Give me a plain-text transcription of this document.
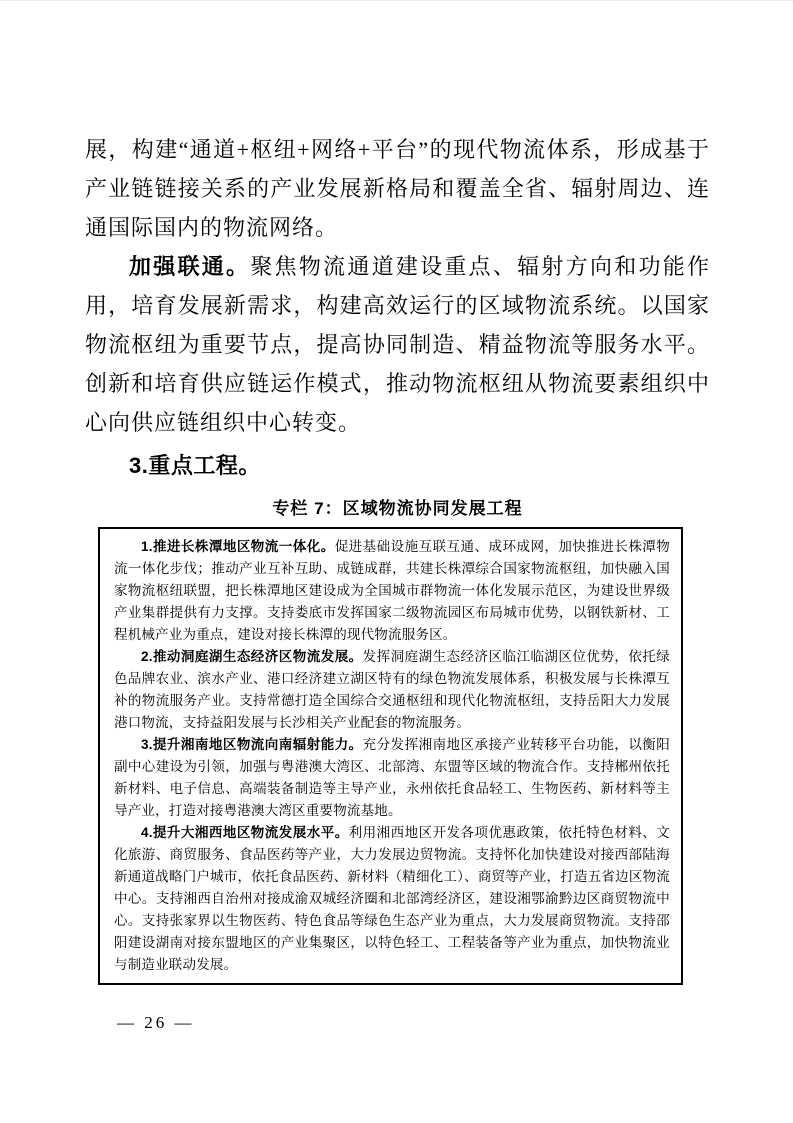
展，构建“通道+枢纽+网络+平台”的现代物流体系，形成基于产业链链接关系的产业发展新格局和覆盖全省、辐射周边、连通国际国内的物流网络。

加强联通。聚焦物流通道建设重点、辐射方向和功能作用，培育发展新需求，构建高效运行的区域物流系统。以国家物流枢纽为重要节点，提高协同制造、精益物流等服务水平。创新和培育供应链运作模式，推动物流枢纽从物流要素组织中心向供应链组织中心转变。

3.重点工程。

专栏 7：区域物流协同发展工程

1.推进长株潭地区物流一体化。促进基础设施互联互通、成环成网，加快推进长株潭物流一体化步伐；推动产业互补互助、成链成群，共建长株潭综合国家物流枢纽，加快融入国家物流枢纽联盟，把长株潭地区建设成为全国城市群物流一体化发展示范区，为建设世界级产业集群提供有力支撑。支持娄底市发挥国家二级物流园区布局城市优势，以钢铁新材、工程机械产业为重点，建设对接长株潭的现代物流服务区。

2.推动洞庭湖生态经济区物流发展。发挥洞庭湖生态经济区临江临湖区位优势，依托绿色品牌农业、滨水产业、港口经济建立湖区特有的绿色物流发展体系，积极发展与长株潭互补的物流服务产业。支持常德打造全国综合交通枢纽和现代化物流枢纽，支持岳阳大力发展港口物流，支持益阳发展与长沙相关产业配套的物流服务。

3.提升湘南地区物流向南辐射能力。充分发挥湘南地区承接产业转移平台功能，以衡阳副中心建设为引领，加强与粤港澳大湾区、北部湾、东盟等区域的物流合作。支持郴州依托新材料、电子信息、高端装备制造等主导产业，永州依托食品轻工、生物医药、新材料等主导产业，打造对接粤港澳大湾区重要物流基地。

4.提升大湘西地区物流发展水平。利用湘西地区开发各项优惠政策，依托特色材料、文化旅游、商贸服务、食品医药等产业，大力发展边贸物流。支持怀化加快建设对接西部陆海新通道战略门户城市，依托食品医药、新材料（精细化工）、商贸等产业，打造五省边区物流中心。支持湘西自治州对接成渝双城经济圈和北部湾经济区，建设湘鄂渝黔边区商贸物流中心。支持张家界以生物医药、特色食品等绿色生态产业为重点，大力发展商贸物流。支持邵阳建设湖南对接东盟地区的产业集聚区，以特色轻工、工程装备等产业为重点，加快物流业与制造业联动发展。

— 26 —
